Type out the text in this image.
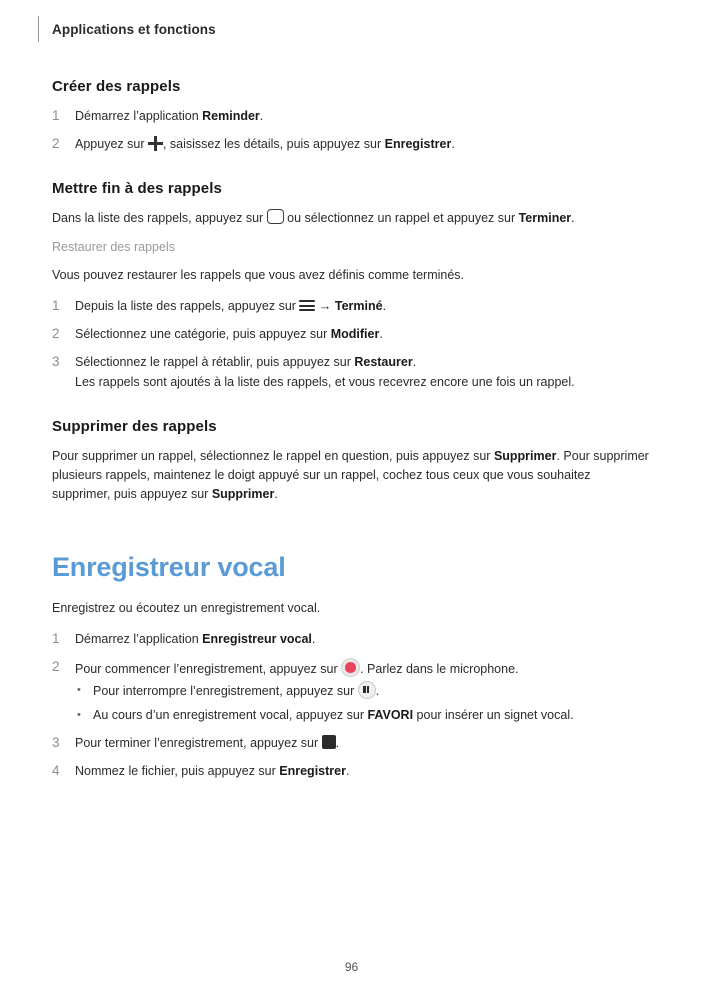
Applications et fonctions
Créer des rappels
1 Démarrez l’application Reminder.
2 Appuyez sur , saisissez les détails, puis appuyez sur Enregistrer.
Mettre fin à des rappels

Dans la liste des rappels, appuyez sur  ou sélectionnez un rappel et appuyez sur Terminer.

Restaurer des rappels

Vous pouvez restaurer les rappels que vous avez définis comme terminés.

1 Depuis la liste des rappels, appuyez sur
→ Terminé.
2 Sélectionnez une catégorie, puis appuyez sur Modifier.
3 Sélectionnez le rappel à rétablir, puis appuyez sur Restaurer.
Les rappels sont ajoutés à la liste des rappels, et vous recevrez encore une fois un rappel.
Supprimer des rappels

Pour supprimer un rappel, sélectionnez le rappel en question, puis appuyez sur Supprimer. Pour supprimer plusieurs rappels, maintenez le doigt appuyé sur un rappel, cochez tous ceux que vous souhaitez supprimer, puis appuyez sur Supprimer.

Enregistreur vocal

Enregistrez ou écoutez un enregistrement vocal.

1 Démarrez l’application Enregistreur vocal.
2 Pour commencer l’enregistrement, appuyez sur . Parlez dans le microphone.
• Pour interrompre l’enregistrement, appuyez sur .
• Au cours d’un enregistrement vocal, appuyez sur FAVORI pour insérer un signet vocal.
3 Pour terminer l’enregistrement, appuyez sur .
4 Nommez le fichier, puis appuyez sur Enregistrer.
96
